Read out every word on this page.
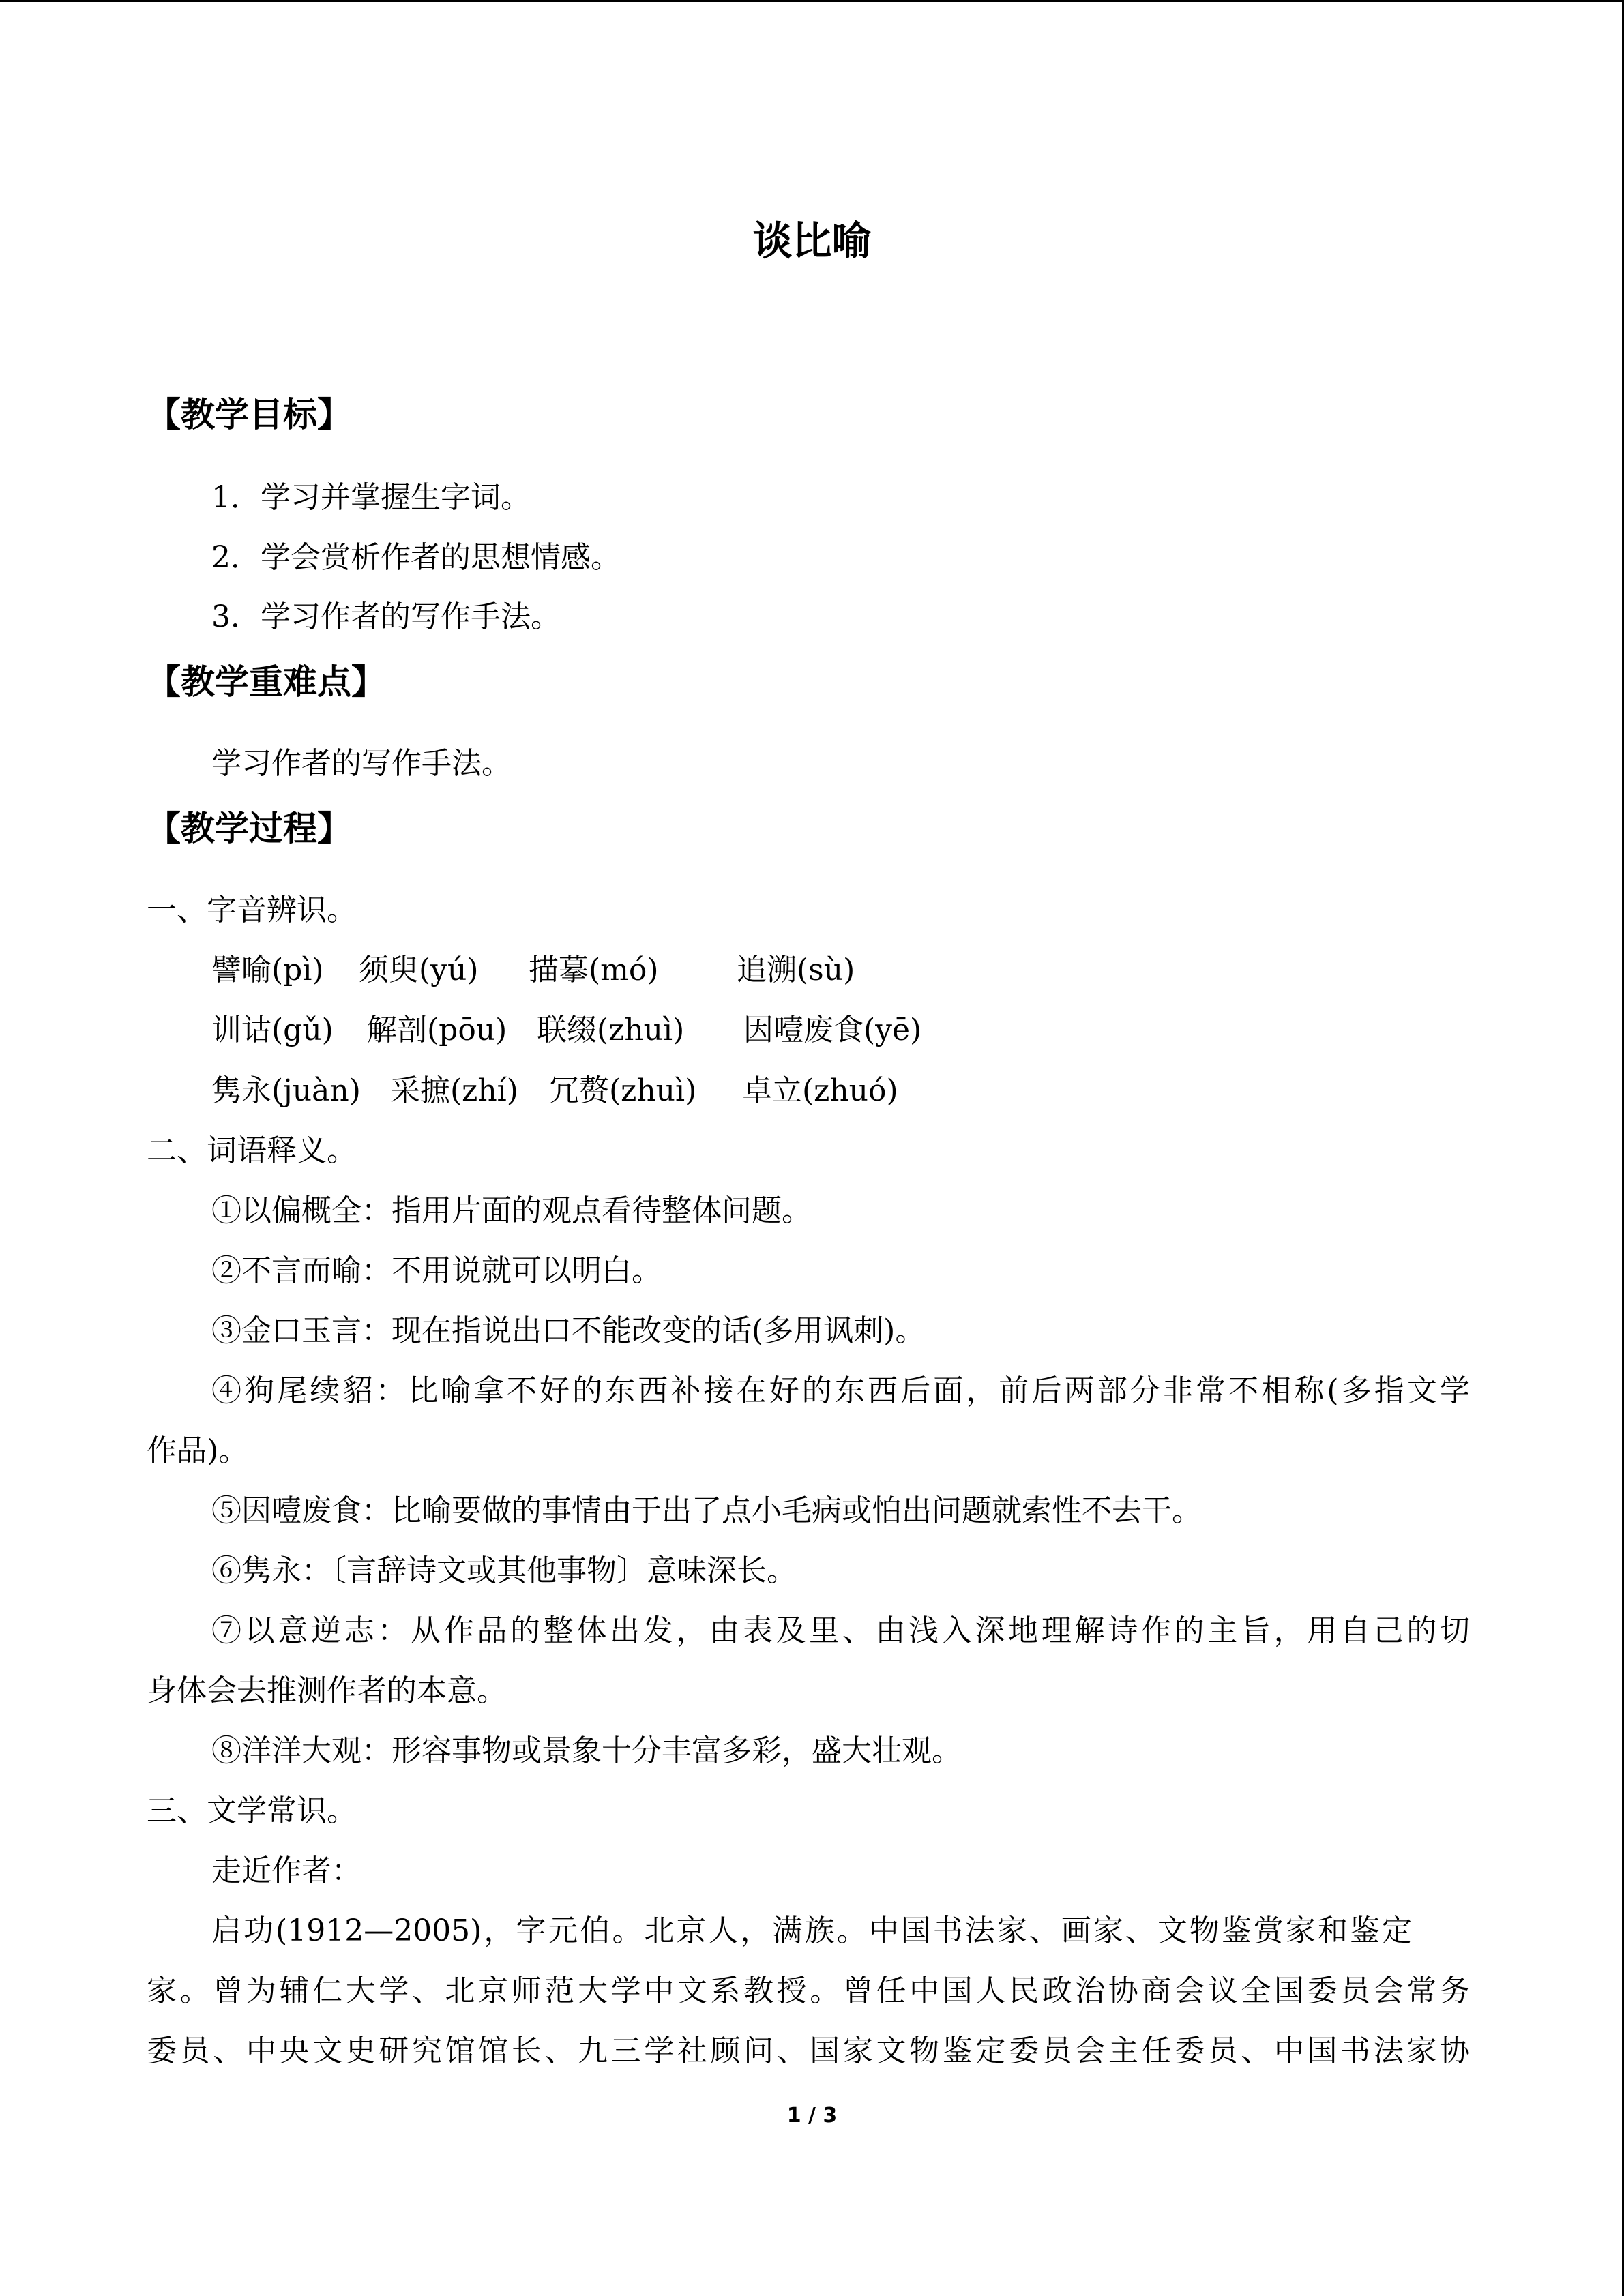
谈比喻
【教学目标】
1．学习并掌握生字词。
2．学会赏析作者的思想情感。
3．学习作者的写作手法。
【教学重难点】
学习作者的写作手法。
【教学过程】
一、字音辨识。
譬喻(pì) 须臾(yú) 描摹(mó)	追溯(sù)
训诂(gǔ) 解剖(pōu) 联缀(zhuì) 因噎废食(yē)
隽永(juàn) 采摭(zhí) 冗赘(zhuì) 卓立(zhuó)
二、词语释义。
①以偏概全：指用片面的观点看待整体问题。
②不言而喻：不用说就可以明白。
③金口玉言：现在指说出口不能改变的话(多用讽刺)。
④狗尾续貂：比喻拿不好的东西补接在好的东西后面，前后两部分非常不相称(多指文学
作品)。
⑤因噎废食：比喻要做的事情由于出了点小毛病或怕出问题就索性不去干。
⑥隽永：〔言辞诗文或其他事物〕意味深长。
⑦以意逆志：从作品的整体出发，由表及里、由浅入深地理解诗作的主旨，用自己的切
身体会去推测作者的本意。
⑧洋洋大观：形容事物或景象十分丰富多彩，盛大壮观。
三、文学常识。
走近作者：
启功(1912—2005)，字元伯。北京人，满族。中国书法家、画家、文物鉴赏家和鉴定
家。曾为辅仁大学、北京师范大学中文系教授。曾任中国人民政治协商会议全国委员会常务
委员、中央文史研究馆馆长、九三学社顾问、国家文物鉴定委员会主任委员、中国书法家协
1 / 3
